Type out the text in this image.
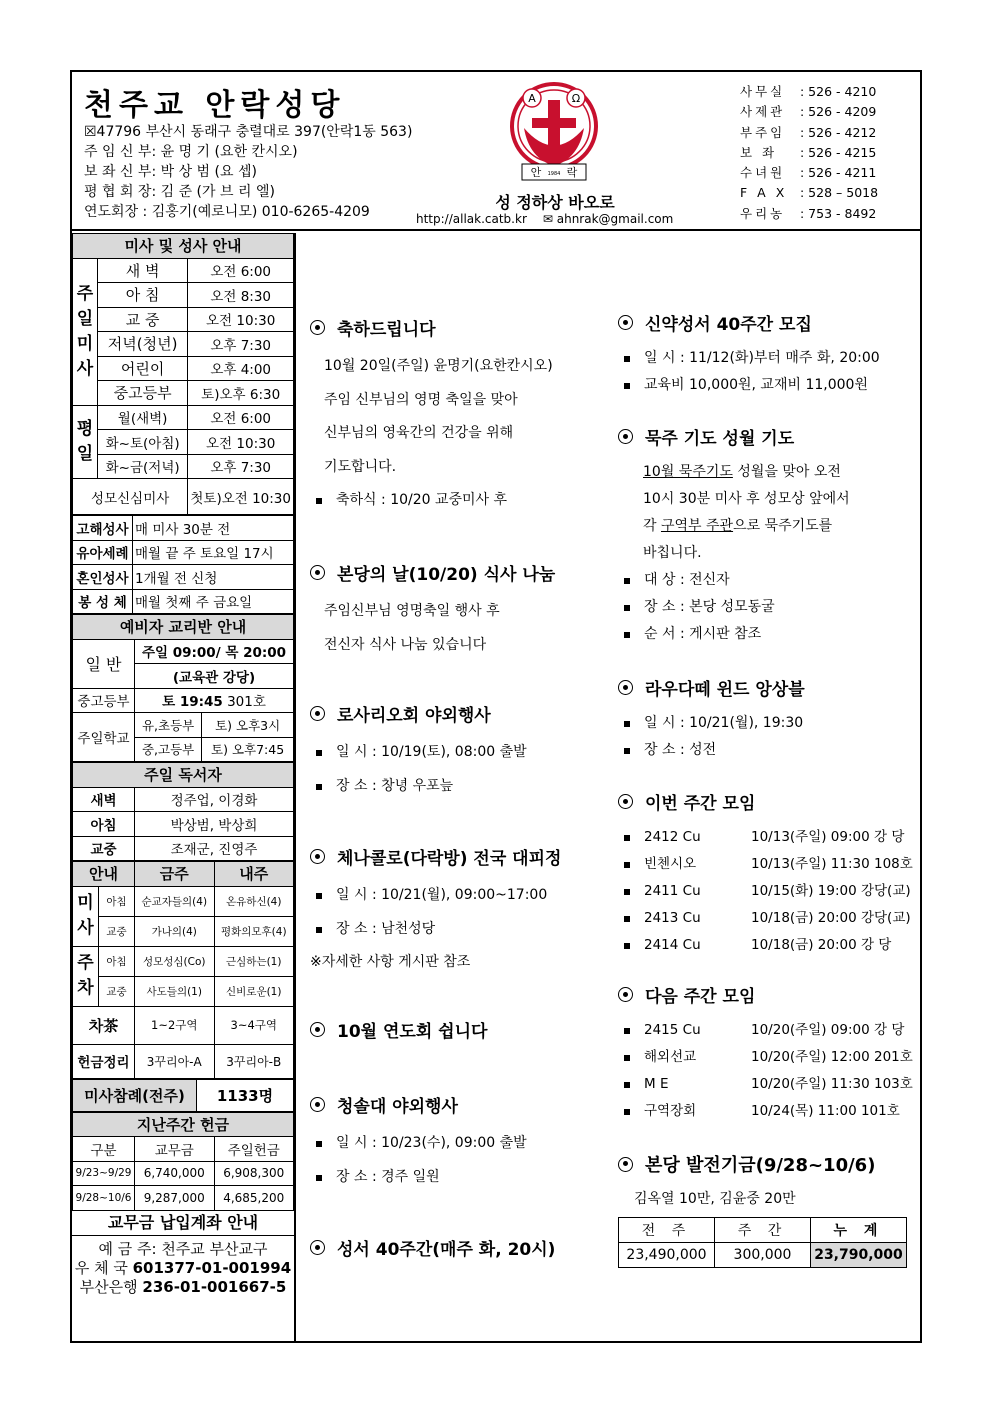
천주교 안락성당
☒47796 부산시 동래구 충렬대로 397(안락1동 563)
주 임 신 부: 윤 명 기 (요한 칸시오)
보 좌 신 부: 박 상 범 (요 셉)
평 협 회 장: 김 준 (가 브 리 엘)
연도회장 : 김홍기(예로니모) 010-6265-4209
A	Ω
안 1984 락
성 정하상 바오로
http://allak.catb.kr ✉ ahnrak@gmail.com
사무실	: 526 - 4210
사제관	: 526 - 4209
부주임	: 526 - 4212
보 좌	: 526 - 4215
수녀원	: 526 - 4211
F A X	: 528 – 5018
우리농	: 753 - 8492
미사 및 성사 안내		
주일미사	새 벽	오전 6:00
	아 침	오전 8:30
	교 중	오전 10:30
	저녁(청년)	오후 7:30
	어린이	오후 4:00
	중고등부	토)오후 6:30
평일	월(새벽)	오전 6:00
	화~토(아침)	오전 10:30
	화~금(저녁)	오후 7:30
성모신심미사		첫토)오전 10:30
고해성사	매 미사 30분 전
유아세례	매월 끝 주 토요일 17시
혼인성사	1개월 전 신청
봉 성 체	매월 첫째 주 금요일
예비자 교리반 안내		
일 반	주일 09:00/ 목 20:00	
	(교육관 강당)	
중고등부	토 19:45 301호	
주일학교	유,초등부	토) 오후3시
	중,고등부	토) 오후7:45
주일 독서자	
새벽	정주업, 이경화
아침	박상범, 박상희
교중	조재군, 진영주
안내		금주	내주
미사	아침	순교자들의(4)	온유하신(4)
	교중	가나의(4)	평화의모후(4)
주차	아침	성모성심(Co)	근심하는(1)
	교중	사도들의(1)	신비로운(1)
차茶		1~2구역	3~4구역
헌금정리		3꾸리아-A	3꾸리아-B
미사참례(전주)	1133명
지난주간 헌금		
구분	교무금	주일헌금
9/23~9/29	6,740,000	6,908,300
9/28~10/6	9,287,000	4,685,200
교무금 납입계좌 안내
예 금 주: 천주교 부산교구
우 체 국 601377-01-001994
부산은행 236-01-001667-5
축하드립니다

10월 20일(주일) 윤명기(요한칸시오)

주임 신부님의 영명 축일을 맞아

신부님의 영육간의 건강을 위해

기도합니다.

축하식 : 10/20 교중미사 후
본당의 날(10/20) 식사 나눔

주임신부님 영명축일 행사 후

전신자 식사 나눔 있습니다

로사리오회 야외행사
일 시 : 10/19(토), 08:00 출발
장 소 : 창녕 우포늪
체나콜로(다락방) 전국 대피정
일 시 : 10/21(월), 09:00~17:00
장 소 : 남천성당

※자세한 사항 게시판 참조

10월 연도회 쉽니다
청솔대 야외행사
일 시 : 10/23(수), 09:00 출발
장 소 : 경주 일원
성서 40주간(매주 화, 20시)
신약성서 40주간 모집
일 시 : 11/12(화)부터 매주 화, 20:00
교육비 10,000원, 교재비 11,000원
묵주 기도 성월 기도

10월 묵주기도 성월을 맞아 오전

10시 30분 미사 후 성모상 앞에서

각 구역부 주관으로 묵주기도를

바칩니다.

대 상 : 전신자
장 소 : 본당 성모동굴
순 서 : 게시판 참조
라우다떼 윈드 앙상블
일 시 : 10/21(월), 19:30
장 소 : 성전
이번 주간 모임
2412 Cu	10/13(주일) 09:00 강 당
빈첸시오	10/13(주일) 11:30 108호
2411 Cu	10/15(화) 19:00 강당(교)
2413 Cu	10/18(금) 20:00 강당(교)
2414 Cu	10/18(금) 20:00 강 당
다음 주간 모임
2415 Cu	10/20(주일) 09:00 강 당
해외선교	10/20(주일) 12:00 201호
M E	10/20(주일) 11:30 103호
구역장회	10/24(목) 11:00 101호
본당 발전기금(9/28~10/6)

김옥열 10만, 김윤중 20만

전 주	주 간	누 계
23,490,000	300,000	23,790,000
